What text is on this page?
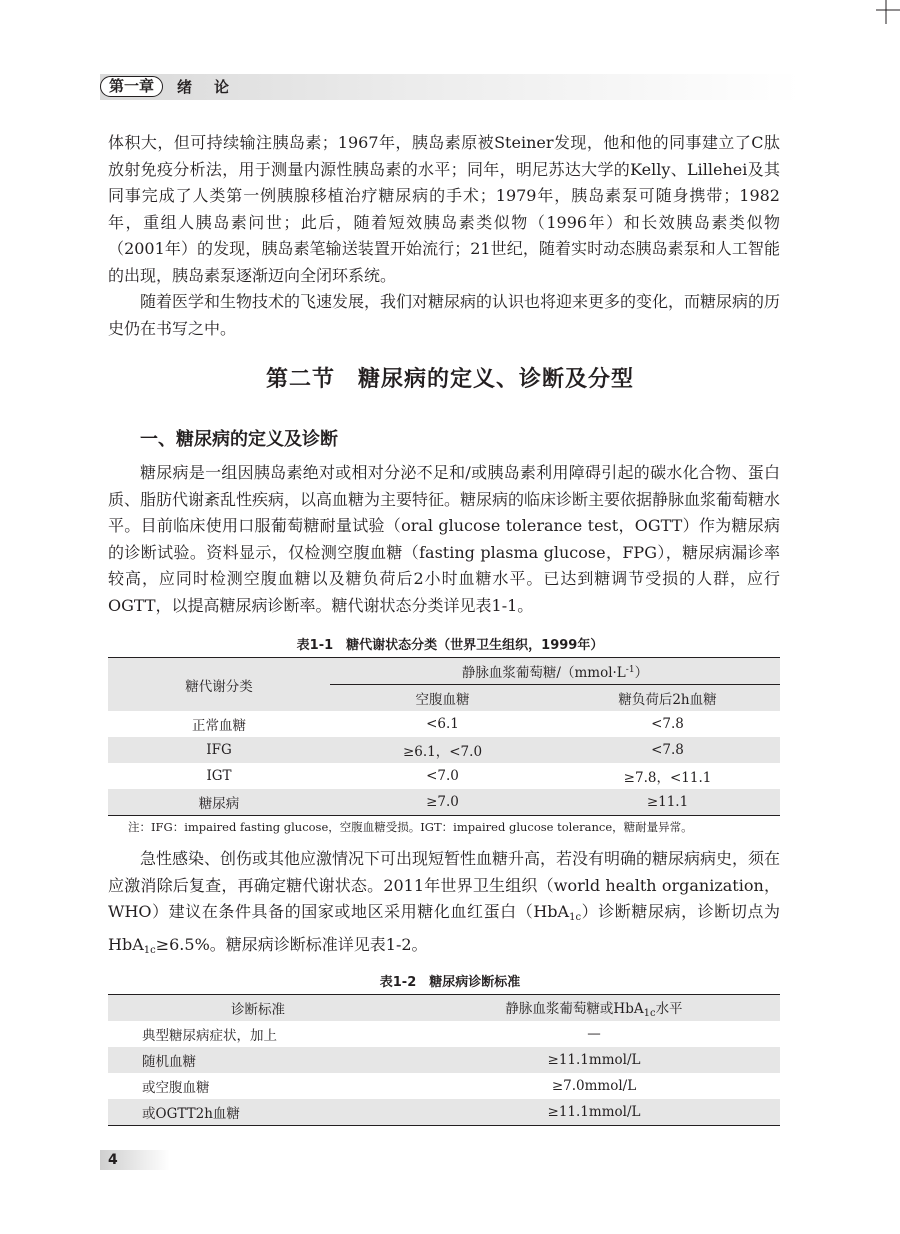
第一章	绪论

体积大，但可持续输注胰岛素；1967年，胰岛素原被Steiner发现，他和他的同事建立了C肽放射免疫分析法，用于测量内源性胰岛素的水平；同年，明尼苏达大学的Kelly、Lillehei及其同事完成了人类第一例胰腺移植治疗糖尿病的手术；1979年，胰岛素泵可随身携带；1982年，重组人胰岛素问世；此后，随着短效胰岛素类似物（1996年）和长效胰岛素类似物（2001年）的发现，胰岛素笔输送装置开始流行；21世纪，随着实时动态胰岛素泵和人工智能的出现，胰岛素泵逐渐迈向全闭环系统。

随着医学和生物技术的飞速发展，我们对糖尿病的认识也将迎来更多的变化，而糖尿病的历史仍在书写之中。

第二节　糖尿病的定义、诊断及分型
一、糖尿病的定义及诊断

糖尿病是一组因胰岛素绝对或相对分泌不足和/或胰岛素利用障碍引起的碳水化合物、蛋白质、脂肪代谢紊乱性疾病，以高血糖为主要特征。糖尿病的临床诊断主要依据静脉血浆葡萄糖水平。目前临床使用口服葡萄糖耐量试验（oral glucose tolerance test，OGTT）作为糖尿病的诊断试验。资料显示，仅检测空腹血糖（fasting plasma glucose，FPG），糖尿病漏诊率较高，应同时检测空腹血糖以及糖负荷后2小时血糖水平。已达到糖调节受损的人群，应行OGTT，以提高糖尿病诊断率。糖代谢状态分类详见表1-1。

表1-1　糖代谢状态分类（世界卫生组织，1999年）
糖代谢分类	静脉血浆葡萄糖$/(mmol\cdot L^{-1})$	
	空腹血糖	糖负荷后2h血糖
正常血糖	<6.1	<7.8
IFG	≥6.1，<7.0	<7.8
IGT	<7.0	≥7.8，<11.1
糖尿病	≥7.0	≥11.1
注：IFG：impaired fasting glucose，空腹血糖受损。IGT：impaired glucose tolerance，糖耐量异常。

急性感染、创伤或其他应激情况下可出现短暂性血糖升高，若没有明确的糖尿病病史，须在应激消除后复查，再确定糖代谢状态。2011年世界卫生组织（world health organization，WHO）建议在条件具备的国家或地区采用糖化血红蛋白（HbA$_{1c}$）诊断糖尿病，诊断切点为HbA$_{1c}$≥6.5%。糖尿病诊断标准详见表1-2。

表1-2　糖尿病诊断标准
诊断标准	静脉血浆葡萄糖或HbA$_{1c}$水平
典型糖尿病症状，加上	—
随机血糖	≥11.1mmol/L
或空腹血糖	≥7.0mmol/L
或OGTT2h血糖	≥11.1mmol/L
4
